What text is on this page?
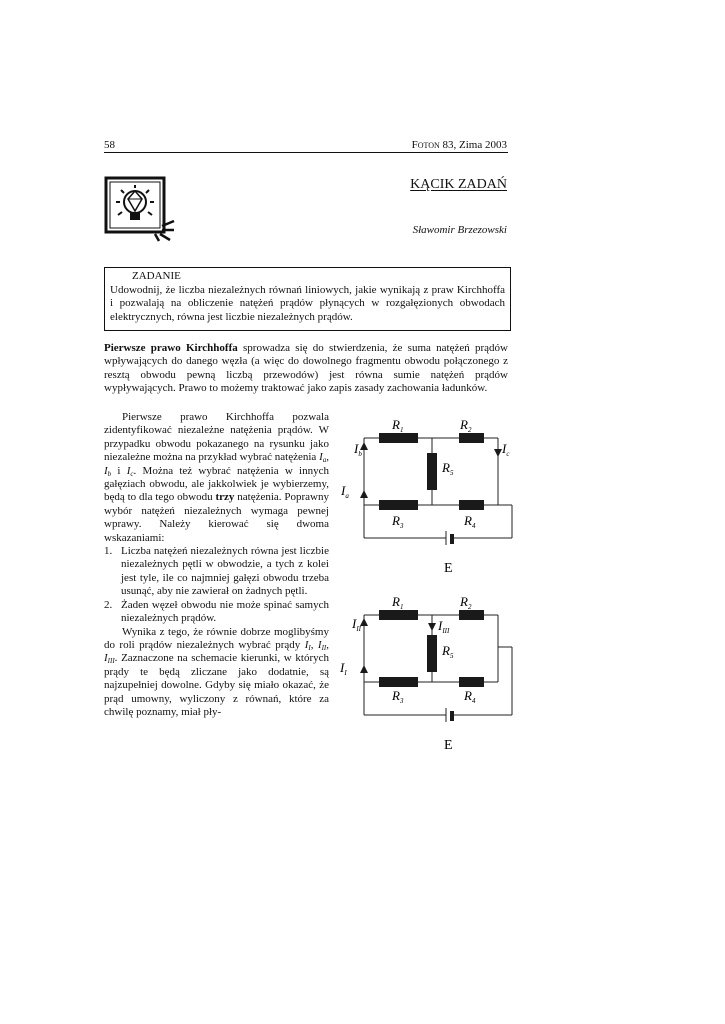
58	Foton 83, Zima 2003
KĄCIK ZADAŃ
Sławomir Brzezowski
ZADANIE
Udowodnij, że liczba niezależnych równań liniowych, jakie wynikają z praw Kirchhoffa i pozwalają na obliczenie natężeń prądów płynących w rozgałęzionych obwodach elektrycznych, równa jest liczbie niezależnych prądów.

Pierwsze prawo Kirchhoffa sprowadza się do stwierdzenia, że suma natężeń prądów wpływających do danego węzła (a więc do dowolnego fragmentu obwodu połączonego z resztą obwodu pewną liczbą przewodów) jest równa sumie natężeń prądów wypływających. Prawo to możemy traktować jako zapis zasady zachowania ładunków.

Pierwsze prawo Kirchhoffa pozwala zidentyfikować niezależne natężenia prądów. W przypadku obwodu pokazanego na rysunku jako niezależne można na przykład wybrać natężenia $I_a$, $I_b$ i $I_c$. Można też wybrać natężenia w innych gałęziach obwodu, ale jakkolwiek je wybierzemy, będą to dla tego obwodu trzy natężenia. Poprawny wybór natężeń niezależnych wymaga pewnej wprawy. Należy kierować się dwoma wskazaniami:

1. Liczba natężeń niezależnych równa jest liczbie niezależnych pętli w obwodzie, a tych z kolei jest tyle, ile co najmniej gałęzi obwodu trzeba usunąć, aby nie zawierał on żadnych pętli.
2. Żaden węzeł obwodu nie może spinać samych niezależnych prądów.

Wynika z tego, że równie dobrze moglibyśmy do roli prądów niezależnych wybrać prądy $I_I$, $I_{II}$, $I_{III}$. Zaznaczone na schemacie kierunki, w których prądy te będą zliczane jako dodatnie, są najzupełniej dowolne. Gdyby się miało okazać, że prąd umowny, wyliczony z równań, które za chwilę poznamy, miał pły-

$R_1$	$R_2$
$R_5$
$R_3$	$R_4$
$I_b$	$I_c$
$I_a$
E
$R_1$	$R_2$
$R_5$
$R_3$	$R_4$
$I_{II}$	$I_{III}$
$I_I$
E
